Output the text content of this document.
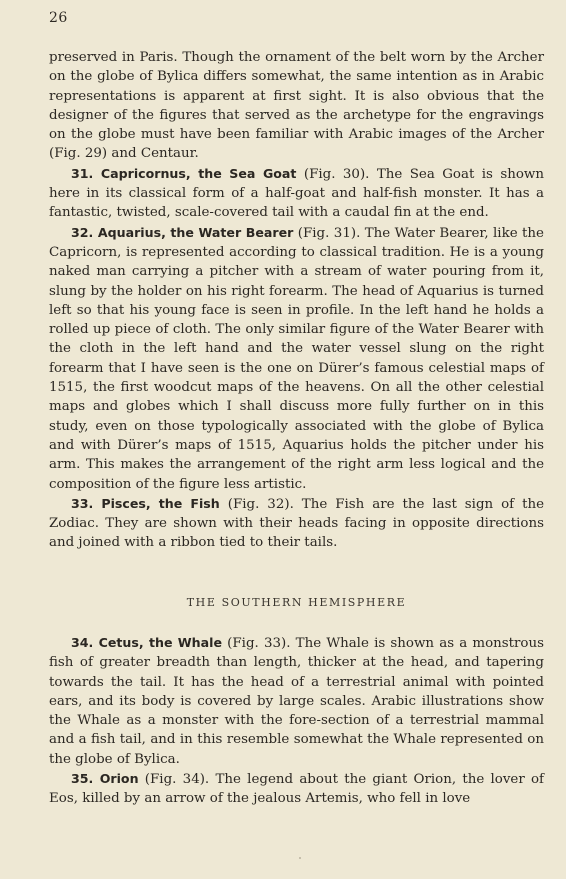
26

preserved in Paris. Though the ornament of the belt worn by the Archer on the globe of Bylica differs somewhat, the same intention as in Arabic representations is apparent at first sight. It is also obvious that the designer of the figures that served as the archetype for the engravings on the globe must have been familiar with Arabic images of the Archer (Fig. 29) and Centaur.

31. Capricornus, the Sea Goat (Fig. 30). The Sea Goat is shown here in its classical form of a half-goat and half-fish monster. It has a fantastic, twisted, scale-covered tail with a caudal fin at the end.

32. Aquarius, the Water Bearer (Fig. 31). The Water Bearer, like the Capricorn, is represented according to classical tradition. He is a young naked man carrying a pitcher with a stream of water pouring from it, slung by the holder on his right forearm. The head of Aquarius is turned left so that his young face is seen in profile. In the left hand he holds a rolled up piece of cloth. The only similar figure of the Water Bearer with the cloth in the left hand and the water vessel slung on the right forearm that I have seen is the one on Dürer’s famous celestial maps of 1515, the first woodcut maps of the heavens. On all the other celestial maps and globes which I shall discuss more fully further on in this study, even on those typologically associated with the globe of Bylica and with Dürer’s maps of 1515, Aquarius holds the pitcher under his arm. This makes the arrangement of the right arm less logical and the composition of the figure less artistic.

33. Pisces, the Fish (Fig. 32). The Fish are the last sign of the Zodiac. They are shown with their heads facing in opposite directions and joined with a ribbon tied to their tails.

THE SOUTHERN HEMISPHERE

34. Cetus, the Whale (Fig. 33). The Whale is shown as a monstrous fish of greater breadth than length, thicker at the head, and tapering towards the tail. It has the head of a terrestrial animal with pointed ears, and its body is covered by large scales. Arabic illustrations show the Whale as a monster with the fore-section of a terrestrial mammal and a fish tail, and in this resemble somewhat the Whale represented on the globe of Bylica.

35. Orion (Fig. 34). The legend about the giant Orion, the lover of Eos, killed by an arrow of the jealous Artemis, who fell in love
